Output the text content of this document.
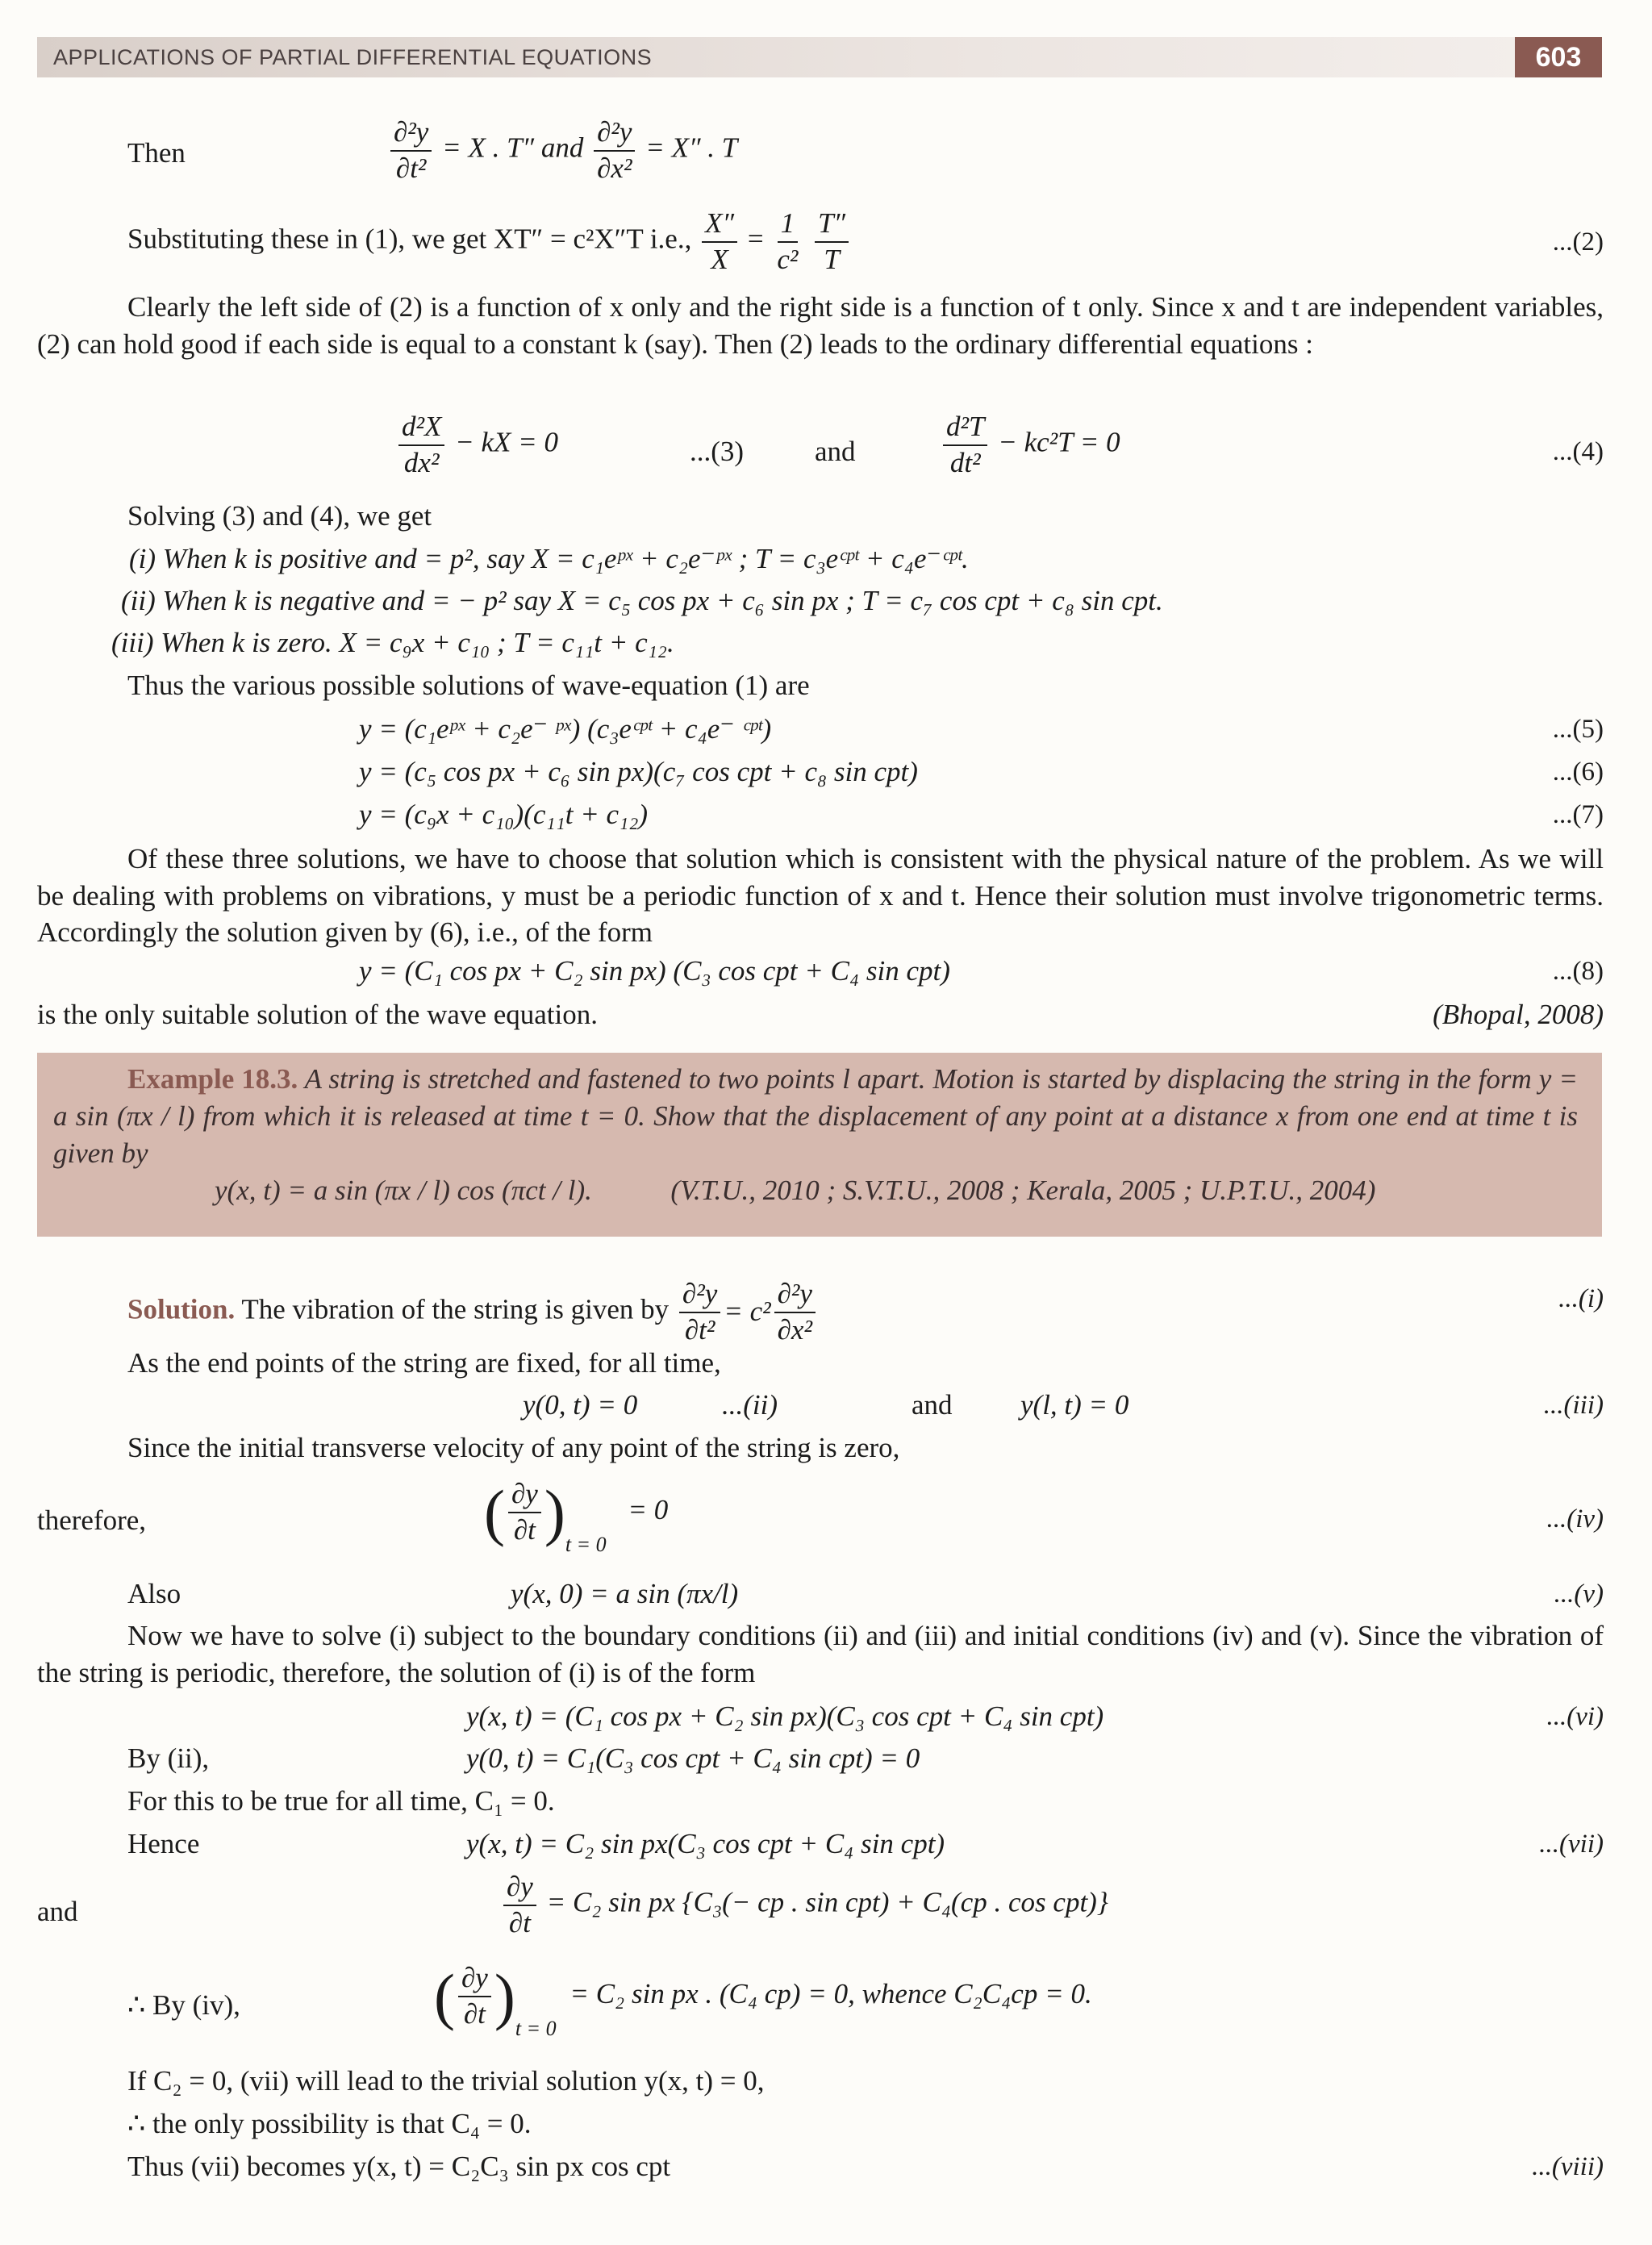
APPLICATIONS OF PARTIAL DIFFERENTIAL EQUATIONS	603
Then	$\frac{\text{∂²y}}{\text{∂t²}} = X$ . T″ and $\frac{\text{∂²y}}{\text{∂x²}} = X''$ . T
Substituting these in (1), we get XT″ = c²X″T i.e., $\frac{X''}{X} = \frac{1}{\text{c²}}$
$\frac{T''}{T}$	...(2)
Clearly the left side of (2) is a function of x only and the right side is a function of t only. Since x and t are independent variables, (2) can hold good if each side is equal to a constant k (say). Then (2) leads to the ordinary differential equations :
$\frac{\text{d²X}}{\text{dx²}}$ − kX = 0	...(3)	and	$\frac{\text{d²T}}{\text{dt²}} - kc^2T = 0$	...(4)
Solving (3) and (4), we get
(i) When k is positive and = p², say X = c₁eᵖˣ + c₂e⁻ᵖˣ ; T = c₃eᶜᵖᵗ + c₄e⁻ᶜᵖᵗ.
(ii) When k is negative and = − p² say X = c₅ cos px + c₆ sin px ; T = c₇ cos cpt + c₈ sin cpt.
(iii) When k is zero. X = c₉x + c₁₀ ; T = c₁₁t + c₁₂.
Thus the various possible solutions of wave-equation (1) are
y = (c₁eᵖˣ + c₂e⁻ ᵖˣ) (c₃eᶜᵖᵗ + c₄e⁻ ᶜᵖᵗ)	...(5)
y = (c₅ cos px + c₆ sin px)(c₇ cos cpt + c₈ sin cpt)	...(6)
y = (c₉x + c₁₀)(c₁₁t + c₁₂)	...(7)
Of these three solutions, we have to choose that solution which is consistent with the physical nature of the problem. As we will be dealing with problems on vibrations, y must be a periodic function of x and t. Hence their solution must involve trigonometric terms. Accordingly the solution given by (6), i.e., of the form
y = (C₁ cos px + C₂ sin px) (C₃ cos cpt + C₄ sin cpt)	...(8)
is the only suitable solution of the wave equation.	(Bhopal, 2008)
Example 18.3. A string is stretched and fastened to two points l apart. Motion is started by displacing the string in the form y = a sin (πx / l) from which it is released at time t = 0. Show that the displacement of any point at a distance x from one end at time t is given by
y(x, t) = a sin (πx / l) cos (πct / l).	(V.T.U., 2010 ; S.V.T.U., 2008 ; Kerala, 2005 ; U.P.T.U., 2004)
Solution. The vibration of the string is given by $\frac{\text{∂²y}}{\text{∂t²}} = c^2 \frac{\text{∂²y}}{\text{∂x²}}$	...(i)
As the end points of the string are fixed, for all time,
y(0, t) = 0	...(ii)	and y(l, t) = 0	...(iii)
Since the initial transverse velocity of any point of the string is zero,
therefore,	( $\frac{\partial y}{\partial t} )_{t = 0} = 0$	...(iv)
Also	y(x, 0) = a sin (πx/l)	...(v)
Now we have to solve (i) subject to the boundary conditions (ii) and (iii) and initial conditions (iv) and (v). Since the vibration of the string is periodic, therefore, the solution of (i) is of the form
y(x, t) = (C₁ cos px + C₂ sin px)(C₃ cos cpt + C₄ sin cpt)	...(vi)
By (ii),	y(0, t) = C₁(C₃ cos cpt + C₄ sin cpt) = 0
For this to be true for all time, C₁ = 0.
Hence	y(x, t) = C₂ sin px(C₃ cos cpt + C₄ sin cpt)	...(vii)
and	$\frac{\partial y}{\partial t} = C_2$ sin px {C₃(− cp . sin cpt) + C₄(cp . cos cpt)}
∴ By (iv),	( $\frac{\partial y}{\partial t} )_{t = 0} = C_2$ sin px . (C₄ cp) = 0, whence C₂C₄cp = 0.
If C₂ = 0, (vii) will lead to the trivial solution y(x, t) = 0,
∴ the only possibility is that C₄ = 0.
Thus (vii) becomes y(x, t) = C₂C₃ sin px cos cpt	...(viii)
